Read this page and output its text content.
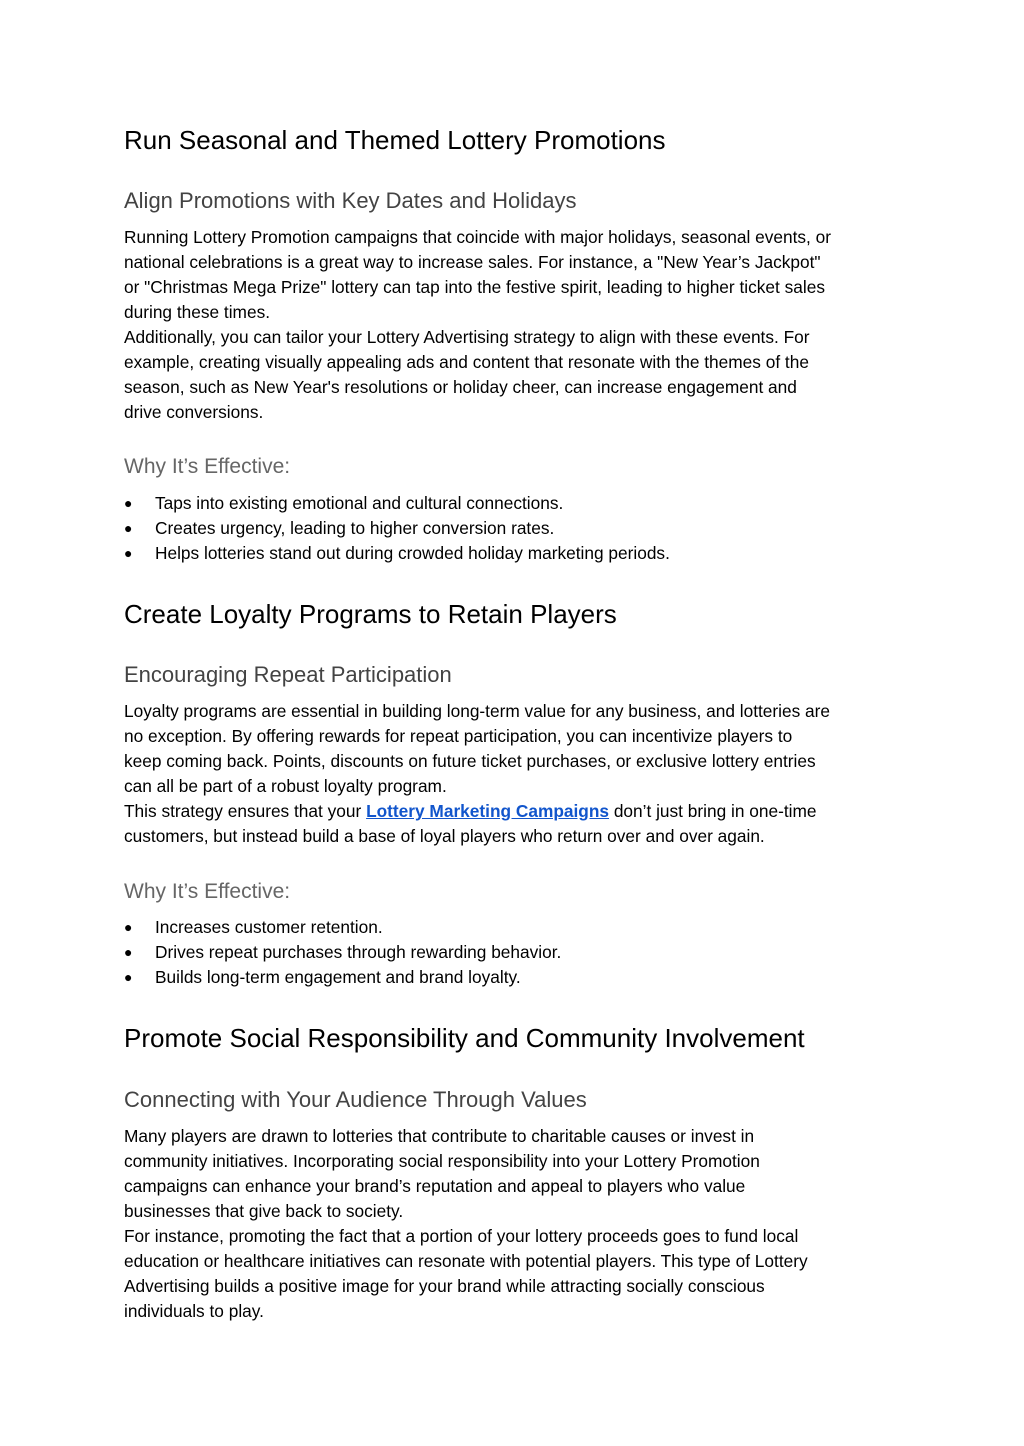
Run Seasonal and Themed Lottery Promotions
Align Promotions with Key Dates and Holidays
Running Lottery Promotion campaigns that coincide with major holidays, seasonal events, or
national celebrations is a great way to increase sales. For instance, a "New Year’s Jackpot"
or "Christmas Mega Prize" lottery can tap into the festive spirit, leading to higher ticket sales
during these times.
Additionally, you can tailor your Lottery Advertising strategy to align with these events. For
example, creating visually appealing ads and content that resonate with the themes of the
season, such as New Year's resolutions or holiday cheer, can increase engagement and
drive conversions.
Why It’s Effective:
● Taps into existing emotional and cultural connections.
● Creates urgency, leading to higher conversion rates.
● Helps lotteries stand out during crowded holiday marketing periods.
Create Loyalty Programs to Retain Players
Encouraging Repeat Participation
Loyalty programs are essential in building long-term value for any business, and lotteries are
no exception. By offering rewards for repeat participation, you can incentivize players to
keep coming back. Points, discounts on future ticket purchases, or exclusive lottery entries
can all be part of a robust loyalty program.
This strategy ensures that your Lottery Marketing Campaigns don’t just bring in one-time
customers, but instead build a base of loyal players who return over and over again.
Why It’s Effective:
● Increases customer retention.
● Drives repeat purchases through rewarding behavior.
● Builds long-term engagement and brand loyalty.
Promote Social Responsibility and Community Involvement
Connecting with Your Audience Through Values
Many players are drawn to lotteries that contribute to charitable causes or invest in
community initiatives. Incorporating social responsibility into your Lottery Promotion
campaigns can enhance your brand’s reputation and appeal to players who value
businesses that give back to society.
For instance, promoting the fact that a portion of your lottery proceeds goes to fund local
education or healthcare initiatives can resonate with potential players. This type of Lottery
Advertising builds a positive image for your brand while attracting socially conscious
individuals to play.
